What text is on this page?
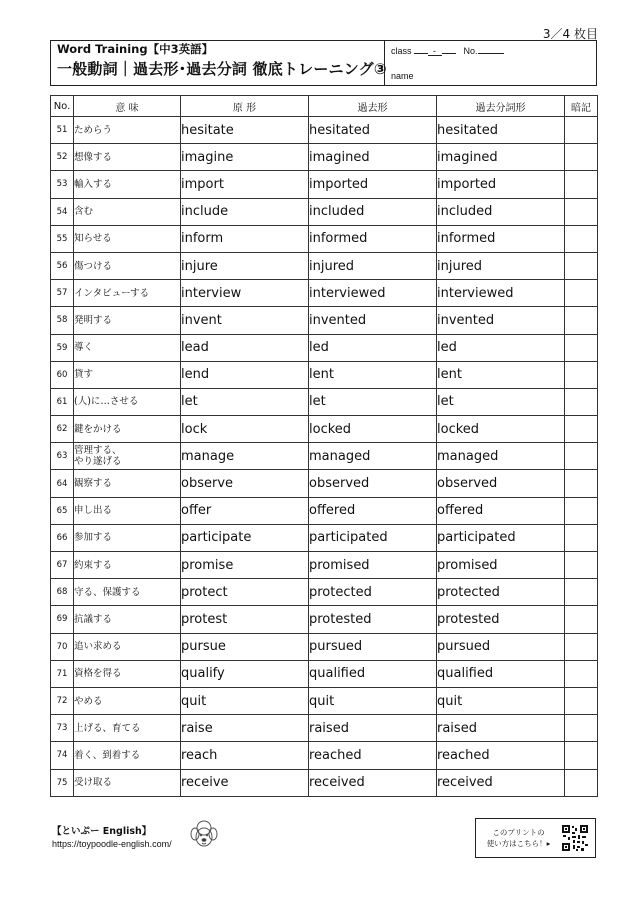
3／4 枚目
Word Training【中3英語】
一般動詞｜過去形･過去分詞 徹底トレーニング③
class	-	No.
name
No.	意 味	原 形	過去形	過去分詞形	暗記
51	ためらう	hesitate	hesitated	hesitated	
52	想像する	imagine	imagined	imagined	
53	輸入する	import	imported	imported	
54	含む	include	included	included	
55	知らせる	inform	informed	informed	
56	傷つける	injure	injured	injured	
57	インタビューする	interview	interviewed	interviewed	
58	発明する	invent	invented	invented	
59	導く	lead	led	led	
60	貸す	lend	lent	lent	
61	(人)に…させる	let	let	let	
62	鍵をかける	lock	locked	locked	
63	管理する、
やり遂げる	manage	managed	managed	
64	観察する	observe	observed	observed	
65	申し出る	offer	offered	offered	
66	参加する	participate	participated	participated	
67	約束する	promise	promised	promised	
68	守る、保護する	protect	protected	protected	
69	抗議する	protest	protested	protested	
70	追い求める	pursue	pursued	pursued	
71	資格を得る	qualify	qualified	qualified	
72	やめる	quit	quit	quit	
73	上げる、育てる	raise	raised	raised	
74	着く、到着する	reach	reached	reached	
75	受け取る	receive	received	received	
【といぷー English】
https://toypoodle-english.com/
このプリントの
使い方はこちら！▸
